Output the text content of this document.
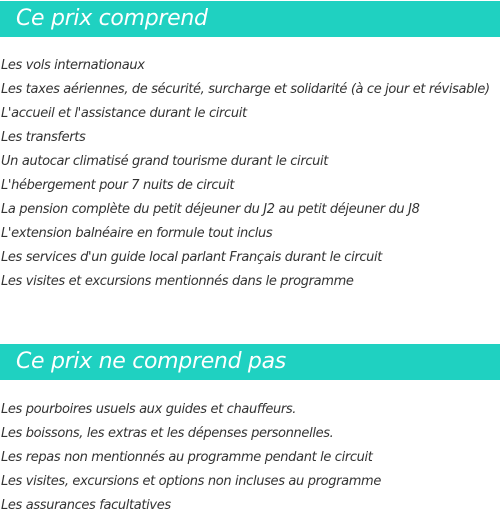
Ce prix comprend
Les vols internationaux
Les taxes aériennes, de sécurité, surcharge et solidarité (à ce jour et révisable)
L'accueil et l'assistance durant le circuit
Les transferts
Un autocar climatisé grand tourisme durant le circuit
L'hébergement pour 7 nuits de circuit
La pension complète du petit déjeuner du J2 au petit déjeuner du J8
L'extension balnéaire en formule tout inclus
Les services d'un guide local parlant Français durant le circuit
Les visites et excursions mentionnés dans le programme
Ce prix ne comprend pas
Les pourboires usuels aux guides et chauffeurs.
Les boissons, les extras et les dépenses personnelles.
Les repas non mentionnés au programme pendant le circuit
Les visites, excursions et options non incluses au programme
Les assurances facultatives
